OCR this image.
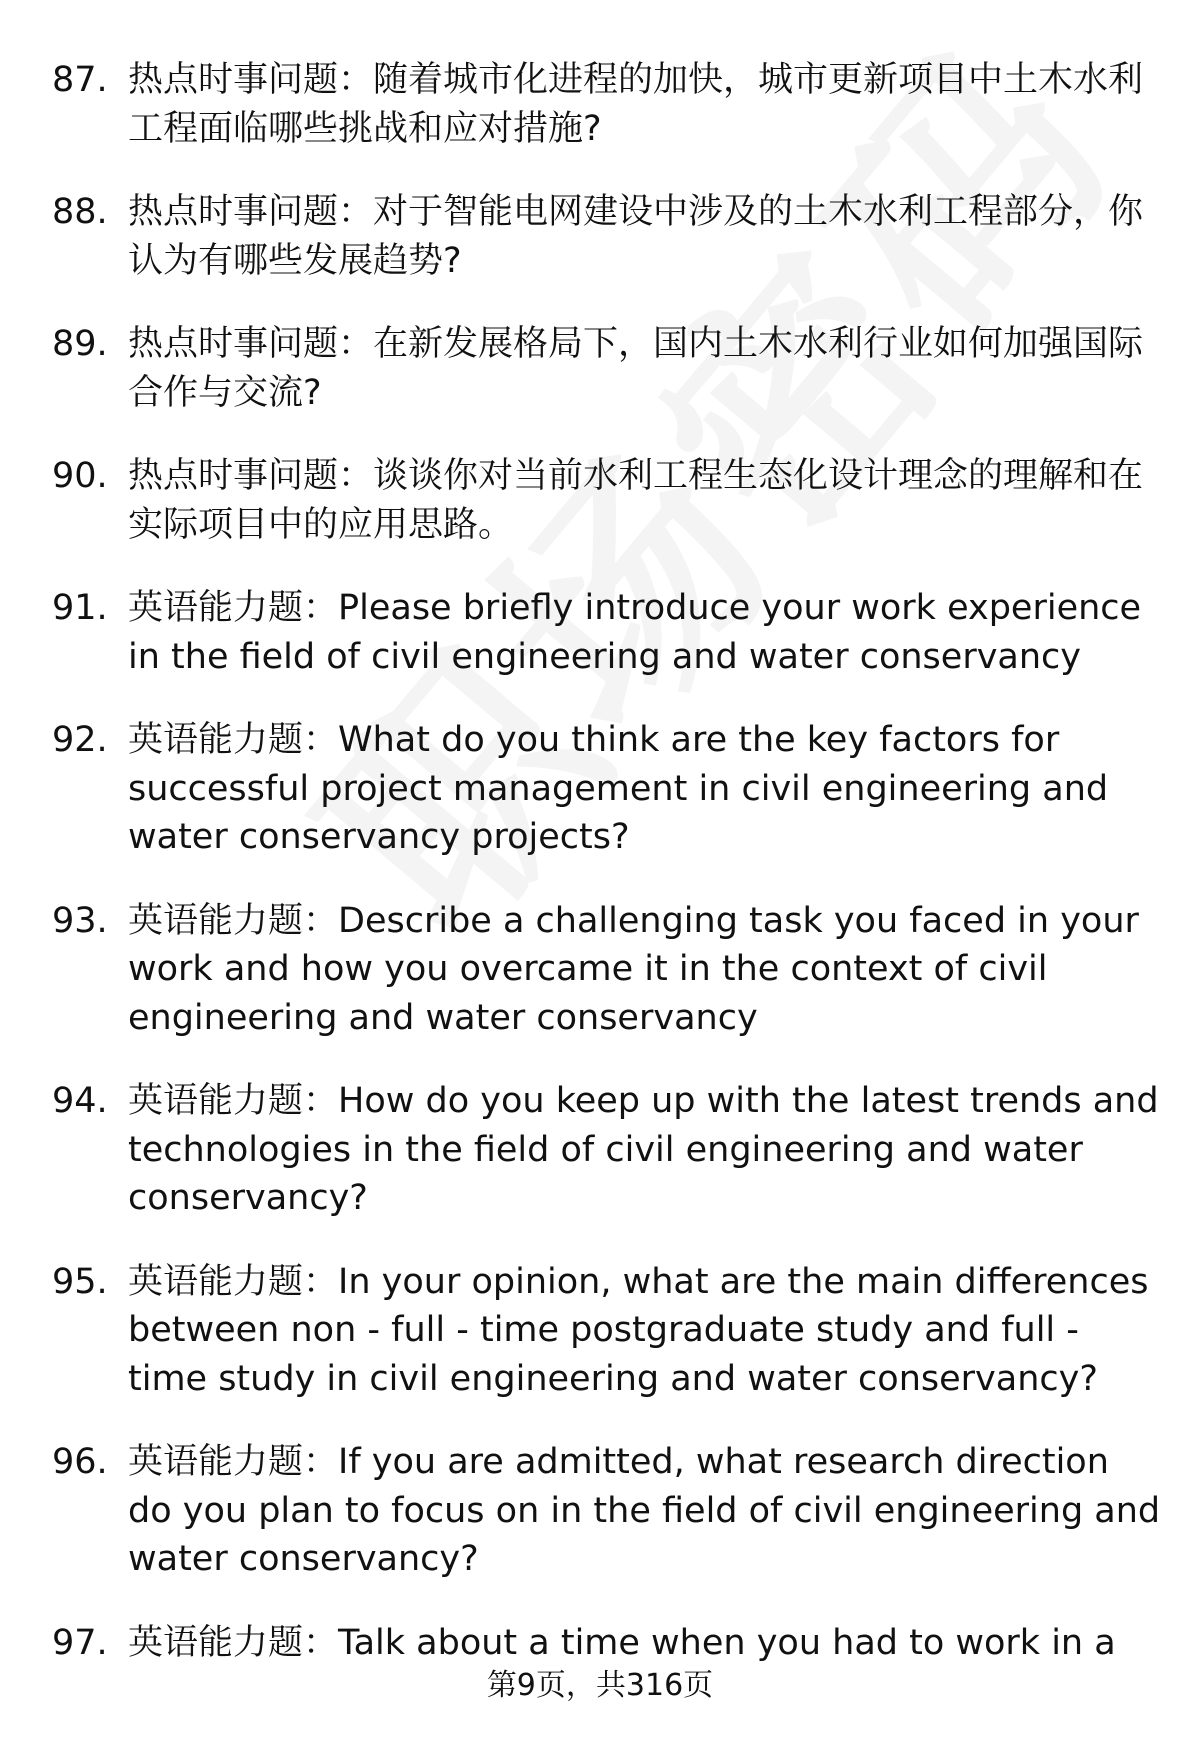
87. 热点时事问题：随着城市化进程的加快，城市更新项目中土木水利工程面临哪些挑战和应对措施?
88. 热点时事问题：对于智能电网建设中涉及的土木水利工程部分，你认为有哪些发展趋势?
89. 热点时事问题：在新发展格局下，国内土木水利行业如何加强国际合作与交流?
90. 热点时事问题：谈谈你对当前水利工程生态化设计理念的理解和在实际项目中的应用思路。
91. 英语能力题：Please briefly introduce your work experience in the field of civil engineering and water conservancy
92. 英语能力题：What do you think are the key factors for successful project management in civil engineering and water conservancy projects?
93. 英语能力题：Describe a challenging task you faced in your work and how you overcame it in the context of civil engineering and water conservancy
94. 英语能力题：How do you keep up with the latest trends and technologies in the field of civil engineering and water conservancy?
95. 英语能力题：In your opinion, what are the main differences between non - full - time postgraduate study and full - time study in civil engineering and water conservancy?
96. 英语能力题：If you are admitted, what research direction do you plan to focus on in the field of civil engineering and water conservancy?
97. 英语能力题：Talk about a time when you had to work in a
第9页，共316页
